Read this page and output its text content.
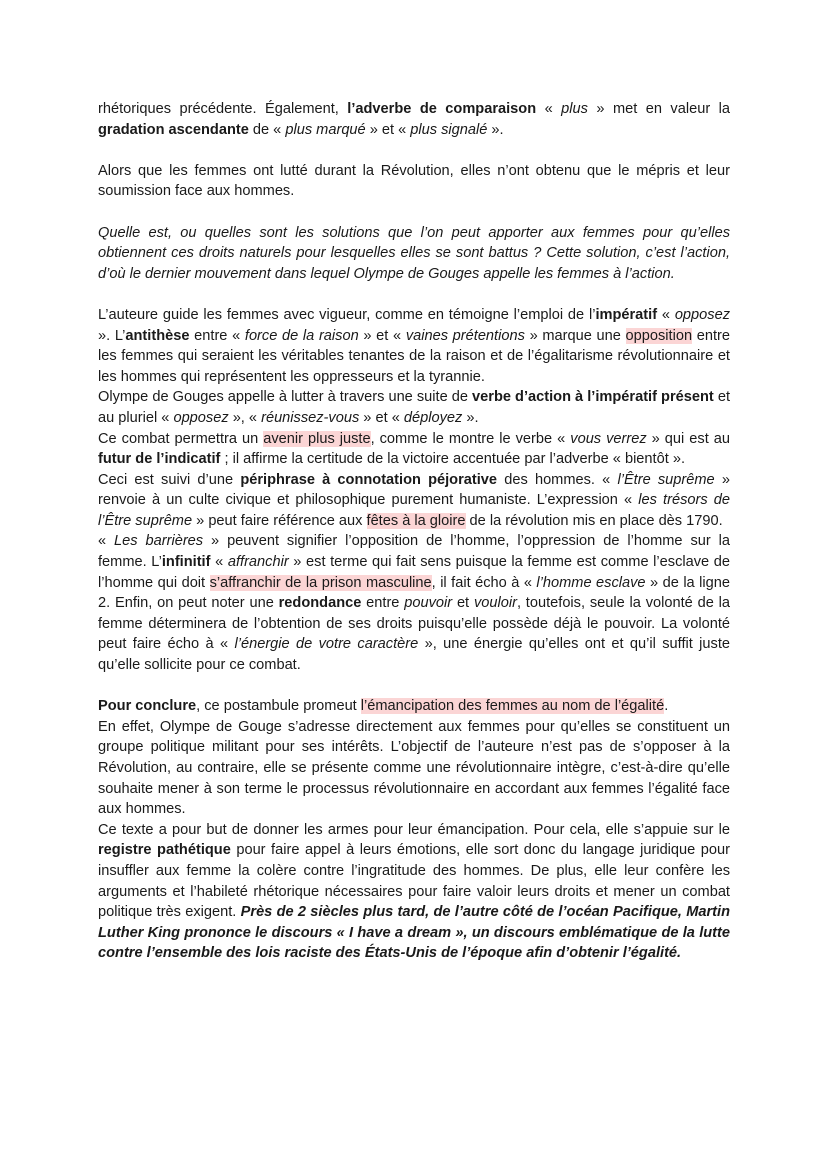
rhétoriques précédente. Également, l’adverbe de comparaison « plus » met en valeur la gradation ascendante de « plus marqué » et « plus signalé ».

Alors que les femmes ont lutté durant la Révolution, elles n’ont obtenu que le mépris et leur soumission face aux hommes.

Quelle est, ou quelles sont les solutions que l’on peut apporter aux femmes pour qu’elles obtiennent ces droits naturels pour lesquelles elles se sont battus ? Cette solution, c’est l’action, d’où le dernier mouvement dans lequel Olympe de Gouges appelle les femmes à l’action.

L’auteure guide les femmes avec vigueur, comme en témoigne l’emploi de l’impératif « opposez ». L’antithèse entre « force de la raison » et « vaines prétentions » marque une opposition entre les femmes qui seraient les véritables tenantes de la raison et de l’égalitarisme révolutionnaire et les hommes qui représentent les oppresseurs et la tyrannie.

Olympe de Gouges appelle à lutter à travers une suite de verbe d’action à l’impératif présent et au pluriel « opposez », « réunissez-vous » et « déployez ».

Ce combat permettra un avenir plus juste, comme le montre le verbe « vous verrez » qui est au futur de l’indicatif ; il affirme la certitude de la victoire accentuée par l’adverbe « bientôt ».

Ceci est suivi d’une périphrase à connotation péjorative des hommes. « l’Être suprême » renvoie à un culte civique et philosophique purement humaniste. L’expression « les trésors de l’Être suprême » peut faire référence aux fêtes à la gloire de la révolution mis en place dès 1790.

« Les barrières » peuvent signifier l’opposition de l’homme, l’oppression de l’homme sur la femme. L’infinitif « affranchir » est terme qui fait sens puisque la femme est comme l’esclave de l’homme qui doit s’affranchir de la prison masculine, il fait écho à « l’homme esclave » de la ligne 2. Enfin, on peut noter une redondance entre pouvoir et vouloir, toutefois, seule la volonté de la femme déterminera de l’obtention de ses droits puisqu’elle possède déjà le pouvoir. La volonté peut faire écho à « l’énergie de votre caractère », une énergie qu’elles ont et qu’il suffit juste qu’elle sollicite pour ce combat.

Pour conclure, ce postambule promeut l’émancipation des femmes au nom de l’égalité.

En effet, Olympe de Gouge s’adresse directement aux femmes pour qu’elles se constituent un groupe politique militant pour ses intérêts. L’objectif de l’auteure n’est pas de s’opposer à la Révolution, au contraire, elle se présente comme une révolutionnaire intègre, c’est-à-dire qu’elle souhaite mener à son terme le processus révolutionnaire en accordant aux femmes l’égalité face aux hommes.

Ce texte a pour but de donner les armes pour leur émancipation. Pour cela, elle s’appuie sur le registre pathétique pour faire appel à leurs émotions, elle sort donc du langage juridique pour insuffler aux femme la colère contre l’ingratitude des hommes. De plus, elle leur confère les arguments et l’habileté rhétorique nécessaires pour faire valoir leurs droits et mener un combat politique très exigent. Près de 2 siècles plus tard, de l’autre côté de l’océan Pacifique, Martin Luther King prononce le discours « I have a dream », un discours emblématique de la lutte contre l’ensemble des lois raciste des États-Unis de l’époque afin d’obtenir l’égalité.
